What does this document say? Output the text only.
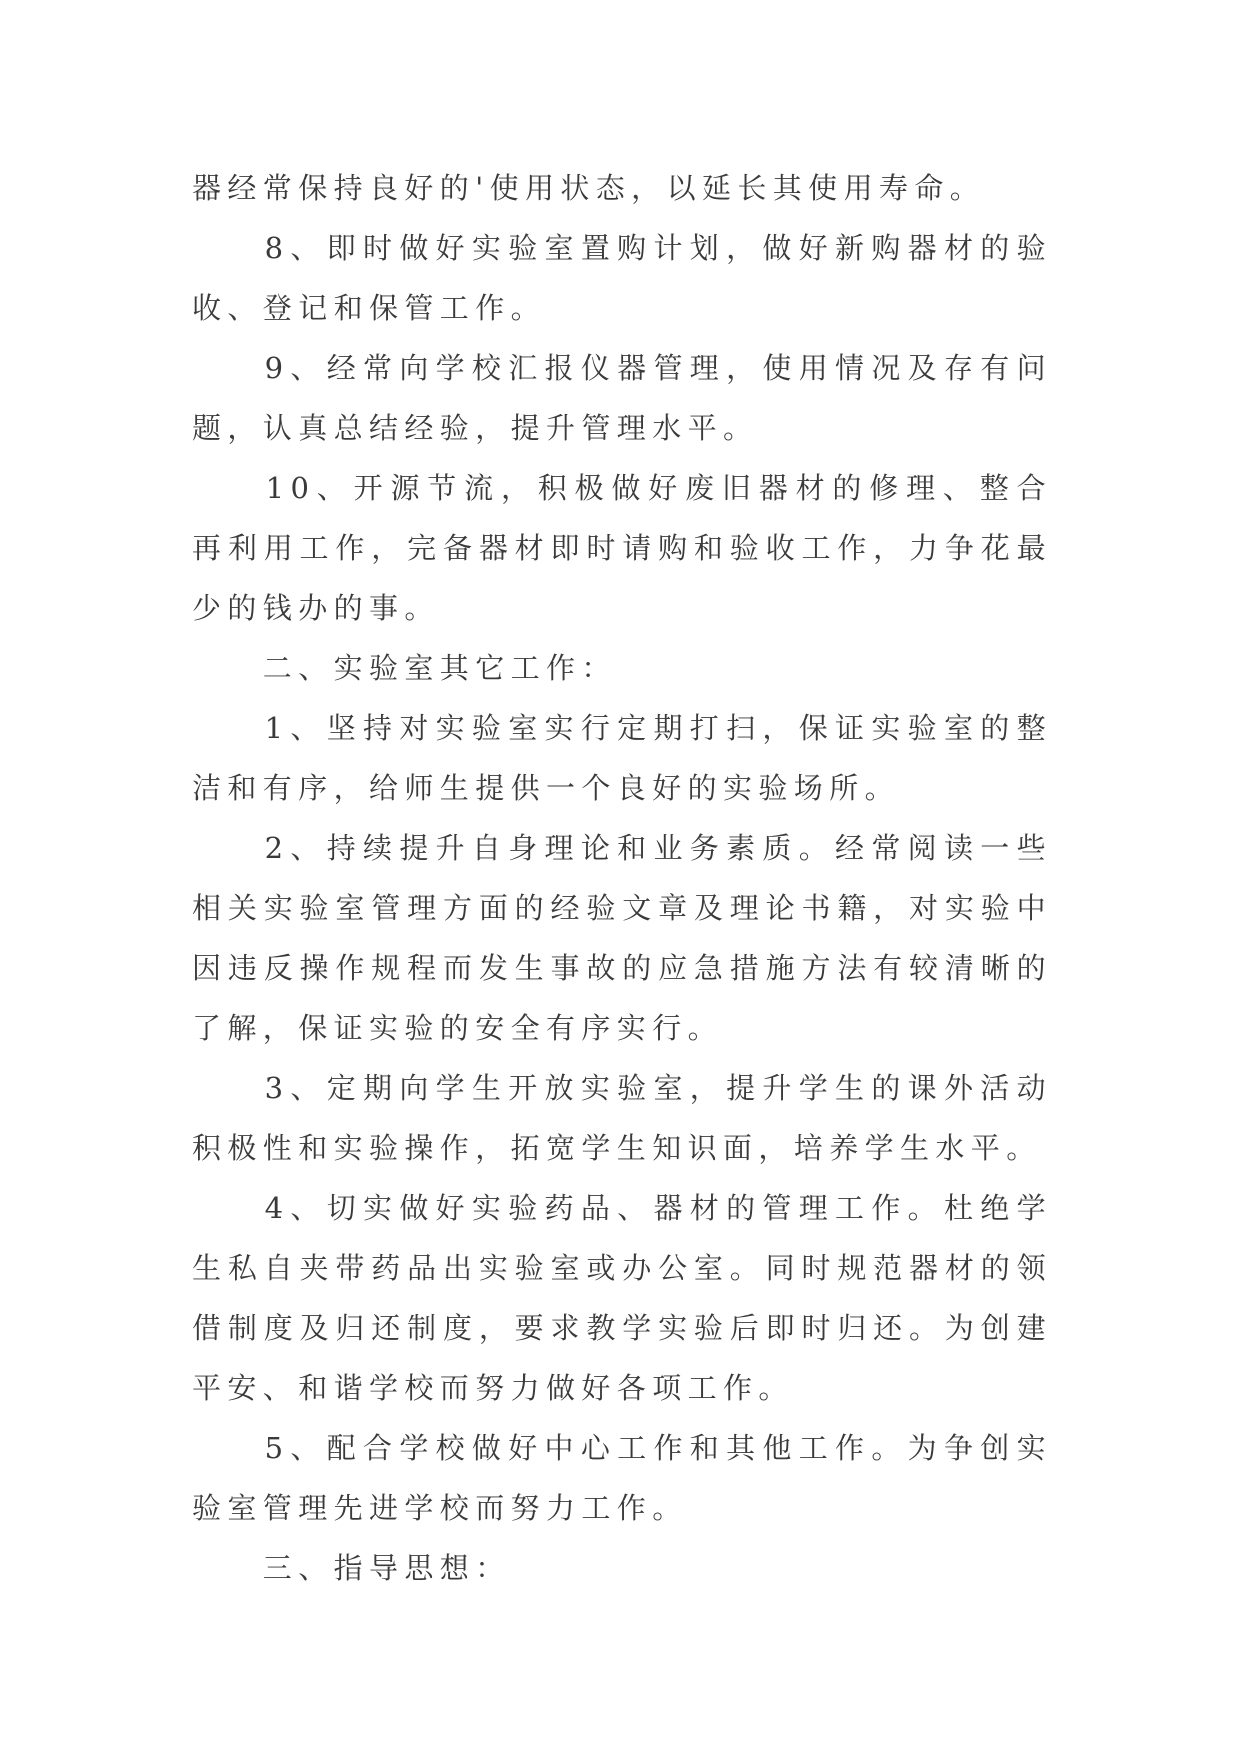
器经常保持良好的'使用状态，以延长其使用寿命。

　　8、即时做好实验室置购计划，做好新购器材的验收、登记和保管工作。

　　9、经常向学校汇报仪器管理，使用情况及存有问题，认真总结经验，提升管理水平。

　　10、开源节流，积极做好废旧器材的修理、整合再利用工作，完备器材即时请购和验收工作，力争花最少的钱办的事。

　　二、实验室其它工作：

　　1、坚持对实验室实行定期打扫，保证实验室的整洁和有序，给师生提供一个良好的实验场所。

　　2、持续提升自身理论和业务素质。经常阅读一些相关实验室管理方面的经验文章及理论书籍，对实验中因违反操作规程而发生事故的应急措施方法有较清晰的了解，保证实验的安全有序实行。

　　3、定期向学生开放实验室，提升学生的课外活动积极性和实验操作，拓宽学生知识面，培养学生水平。

　　4、切实做好实验药品、器材的管理工作。杜绝学生私自夹带药品出实验室或办公室。同时规范器材的领借制度及归还制度，要求教学实验后即时归还。为创建平安、和谐学校而努力做好各项工作。

　　5、配合学校做好中心工作和其他工作。为争创实验室管理先进学校而努力工作。

　　三、指导思想：
